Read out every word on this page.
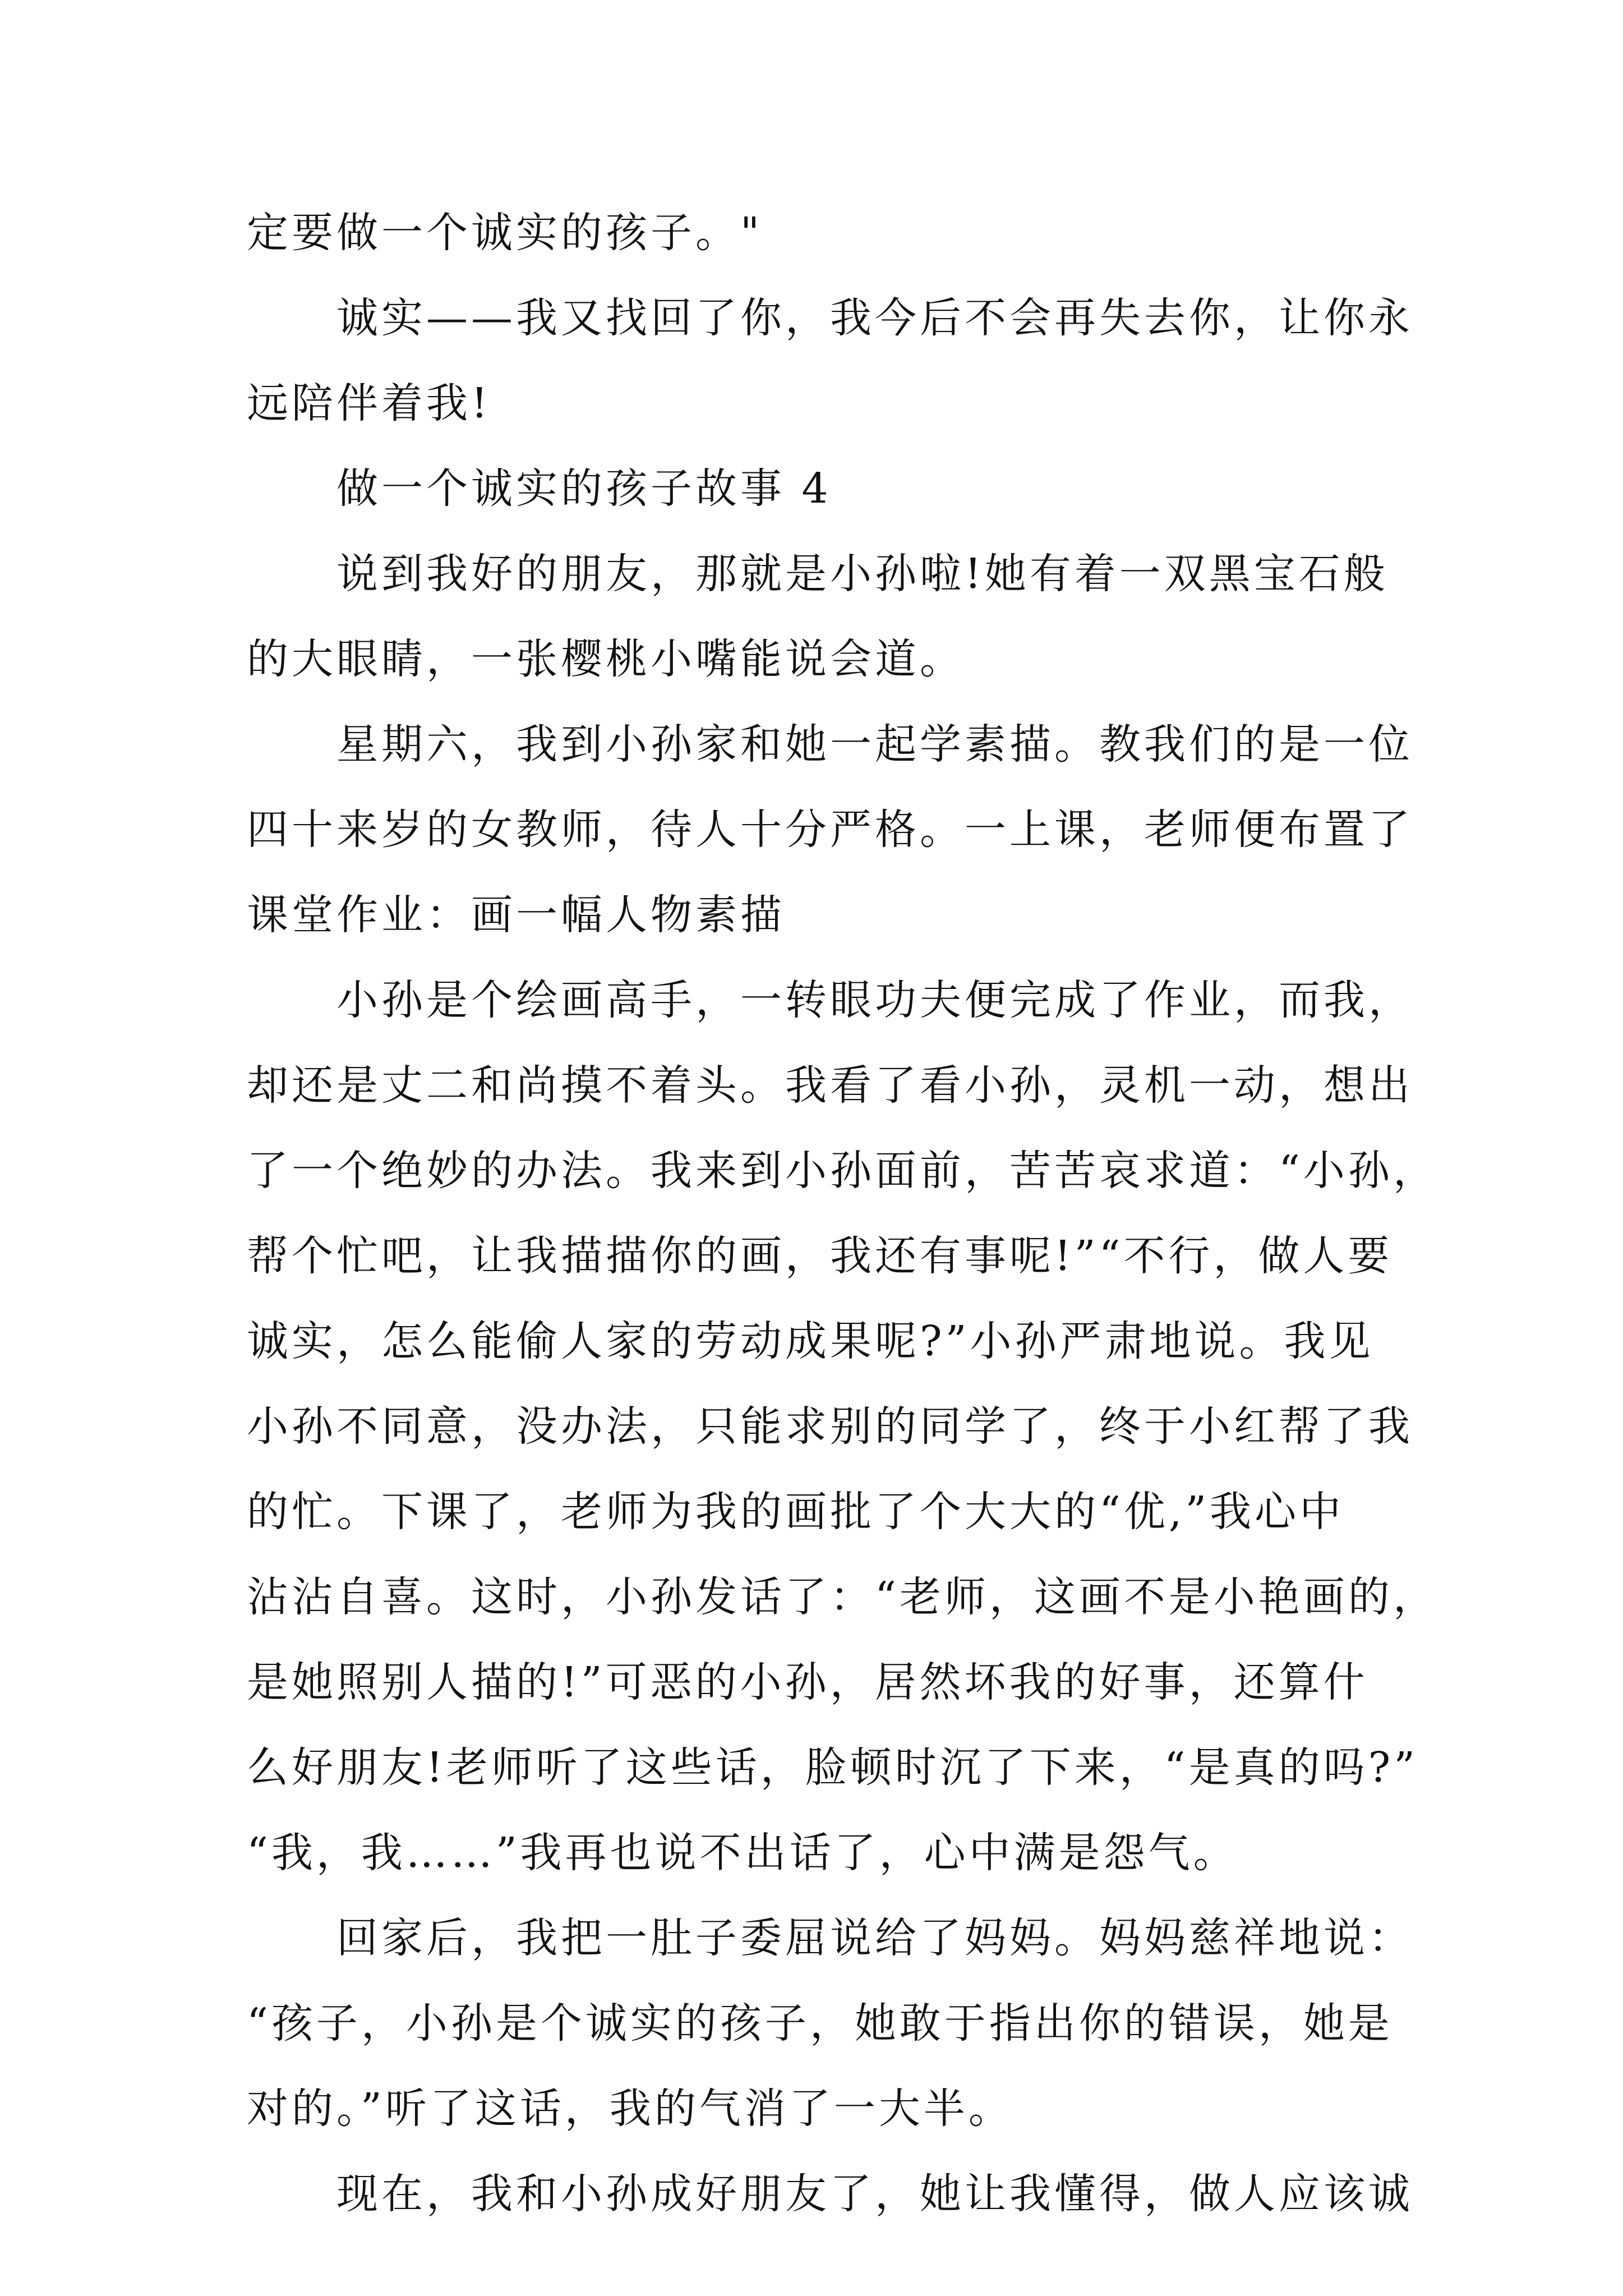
定要做一个诚实的孩子。"
诚实——我又找回了你，我今后不会再失去你，让你永
远陪伴着我!
做一个诚实的孩子故事 4
说到我好的朋友，那就是小孙啦!她有着一双黑宝石般
的大眼睛，一张樱桃小嘴能说会道。
星期六，我到小孙家和她一起学素描。教我们的是一位
四十来岁的女教师，待人十分严格。一上课，老师便布置了
课堂作业：画一幅人物素描
小孙是个绘画高手，一转眼功夫便完成了作业，而我，
却还是丈二和尚摸不着头。我看了看小孙，灵机一动，想出
了一个绝妙的办法。我来到小孙面前，苦苦哀求道：“小孙，
帮个忙吧，让我描描你的画，我还有事呢!”“不行，做人要
诚实，怎么能偷人家的劳动成果呢?”小孙严肃地说。我见
小孙不同意，没办法，只能求别的同学了，终于小红帮了我
的忙。下课了，老师为我的画批了个大大的“优,”我心中
沾沾自喜。这时，小孙发话了：“老师，这画不是小艳画的，
是她照别人描的!”可恶的小孙，居然坏我的好事，还算什
么好朋友!老师听了这些话，脸顿时沉了下来，“是真的吗?”
“我，我……”我再也说不出话了，心中满是怨气。
回家后，我把一肚子委屈说给了妈妈。妈妈慈祥地说：
“孩子，小孙是个诚实的孩子，她敢于指出你的错误，她是
对的。”听了这话，我的气消了一大半。
现在，我和小孙成好朋友了，她让我懂得，做人应该诚
